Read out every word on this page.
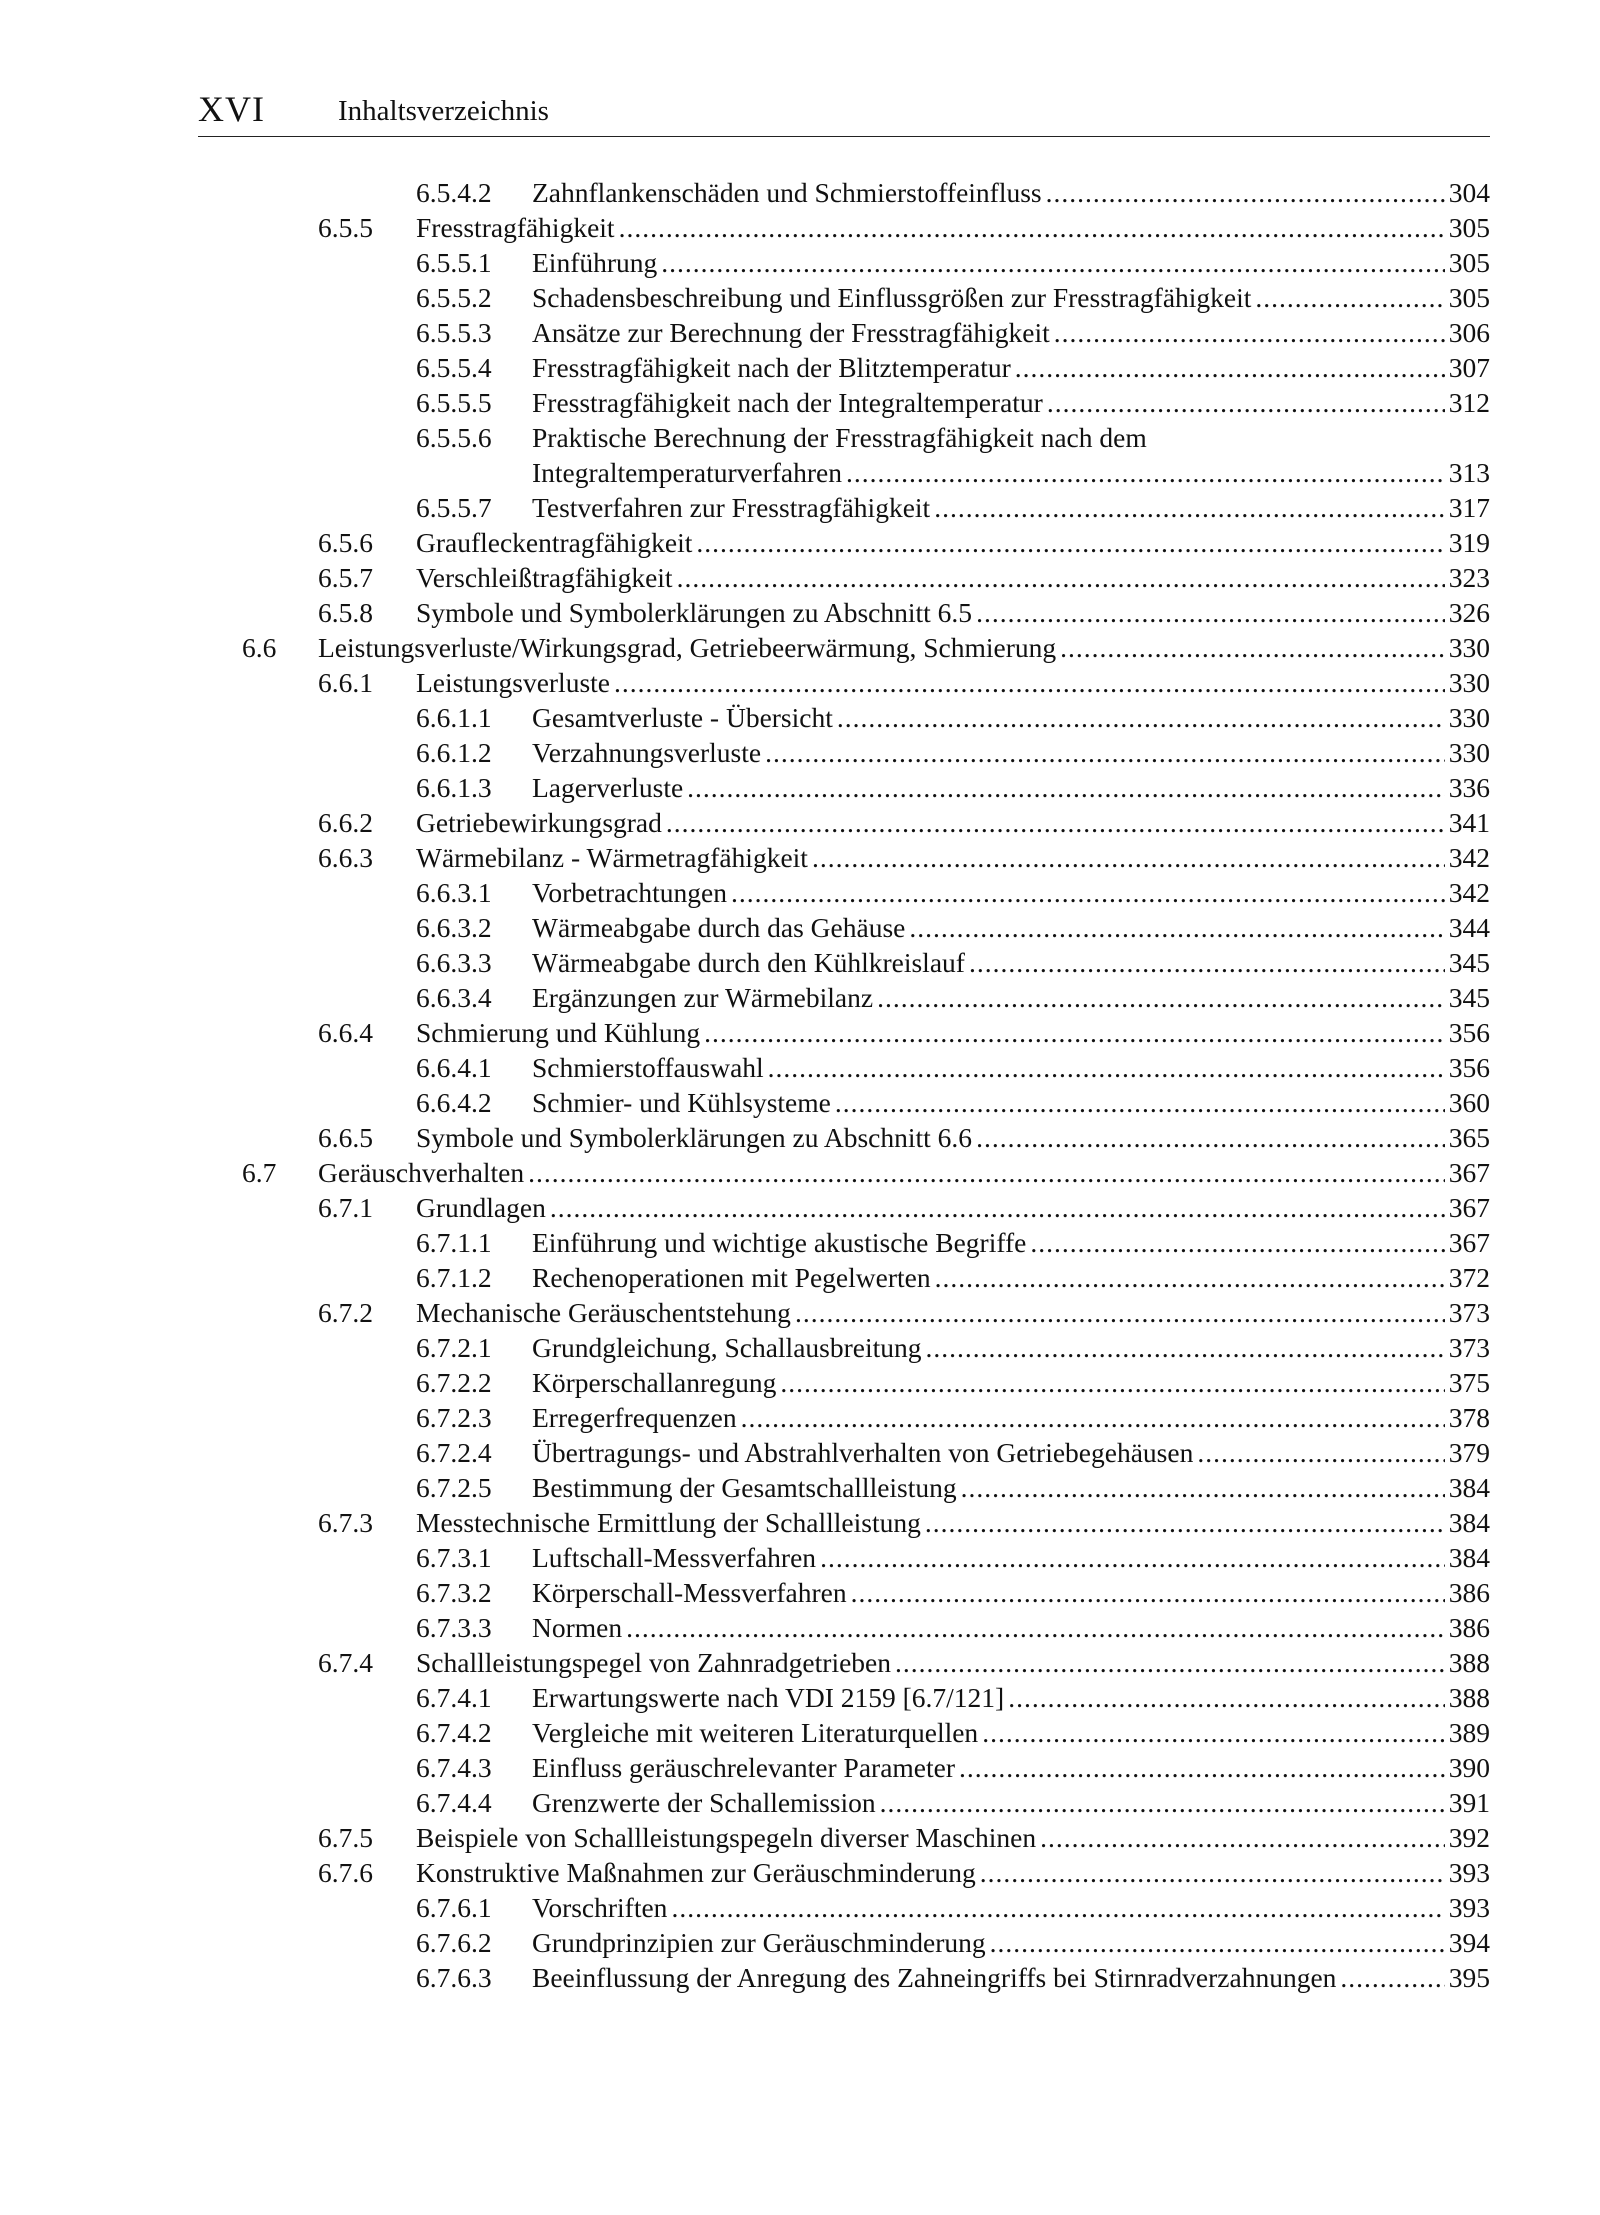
XVI	Inhaltsverzeichnis
6.5.4.2 Zahnflankenschäden und Schmierstoffeinfluss .....	304
6.5.5 Fresstragfähigkeit .....	305
6.5.5.1 Einführung .....	305
6.5.5.2 Schadensbeschreibung und Einflussgrößen zur Fresstragfähigkeit .....	305
6.5.5.3 Ansätze zur Berechnung der Fresstragfähigkeit .....	306
6.5.5.4 Fresstragfähigkeit nach der Blitztemperatur .....	307
6.5.5.5 Fresstragfähigkeit nach der Integraltemperatur .....	312
6.5.5.6 Praktische Berechnung der Fresstragfähigkeit nach dem
Integraltemperaturverfahren .....	313
6.5.5.7 Testverfahren zur Fresstragfähigkeit .....	317
6.5.6 Graufleckentragfähigkeit .....	319
6.5.7 Verschleißtragfähigkeit .....	323
6.5.8 Symbole und Symbolerklärungen zu Abschnitt 6.5 .....	326
6.6 Leistungsverluste/Wirkungsgrad, Getriebeerwärmung, Schmierung .....	330
6.6.1 Leistungsverluste .....	330
6.6.1.1 Gesamtverluste - Übersicht .....	330
6.6.1.2 Verzahnungsverluste .....	330
6.6.1.3 Lagerverluste .....	336
6.6.2 Getriebewirkungsgrad .....	341
6.6.3 Wärmebilanz - Wärmetragfähigkeit .....	342
6.6.3.1 Vorbetrachtungen .....	342
6.6.3.2 Wärmeabgabe durch das Gehäuse .....	344
6.6.3.3 Wärmeabgabe durch den Kühlkreislauf .....	345
6.6.3.4 Ergänzungen zur Wärmebilanz .....	345
6.6.4 Schmierung und Kühlung .....	356
6.6.4.1 Schmierstoffauswahl .....	356
6.6.4.2 Schmier- und Kühlsysteme .....	360
6.6.5 Symbole und Symbolerklärungen zu Abschnitt 6.6 .....	365
6.7 Geräuschverhalten .....	367
6.7.1 Grundlagen .....	367
6.7.1.1 Einführung und wichtige akustische Begriffe .....	367
6.7.1.2 Rechenoperationen mit Pegelwerten .....	372
6.7.2 Mechanische Geräuschentstehung .....	373
6.7.2.1 Grundgleichung, Schallausbreitung .....	373
6.7.2.2 Körperschallanregung .....	375
6.7.2.3 Erregerfrequenzen .....	378
6.7.2.4 Übertragungs- und Abstrahlverhalten von Getriebegehäusen .....	379
6.7.2.5 Bestimmung der Gesamtschallleistung .....	384
6.7.3 Messtechnische Ermittlung der Schallleistung .....	384
6.7.3.1 Luftschall-Messverfahren .....	384
6.7.3.2 Körperschall-Messverfahren .....	386
6.7.3.3 Normen .....	386
6.7.4 Schallleistungspegel von Zahnradgetrieben .....	388
6.7.4.1 Erwartungswerte nach VDI 2159 [6.7/121] .....	388
6.7.4.2 Vergleiche mit weiteren Literaturquellen .....	389
6.7.4.3 Einfluss geräuschrelevanter Parameter .....	390
6.7.4.4 Grenzwerte der Schallemission .....	391
6.7.5 Beispiele von Schallleistungspegeln diverser Maschinen .....	392
6.7.6 Konstruktive Maßnahmen zur Geräuschminderung .....	393
6.7.6.1 Vorschriften .....	393
6.7.6.2 Grundprinzipien zur Geräuschminderung .....	394
6.7.6.3 Beeinflussung der Anregung des Zahneingriffs bei Stirnradverzahnungen .....	395
